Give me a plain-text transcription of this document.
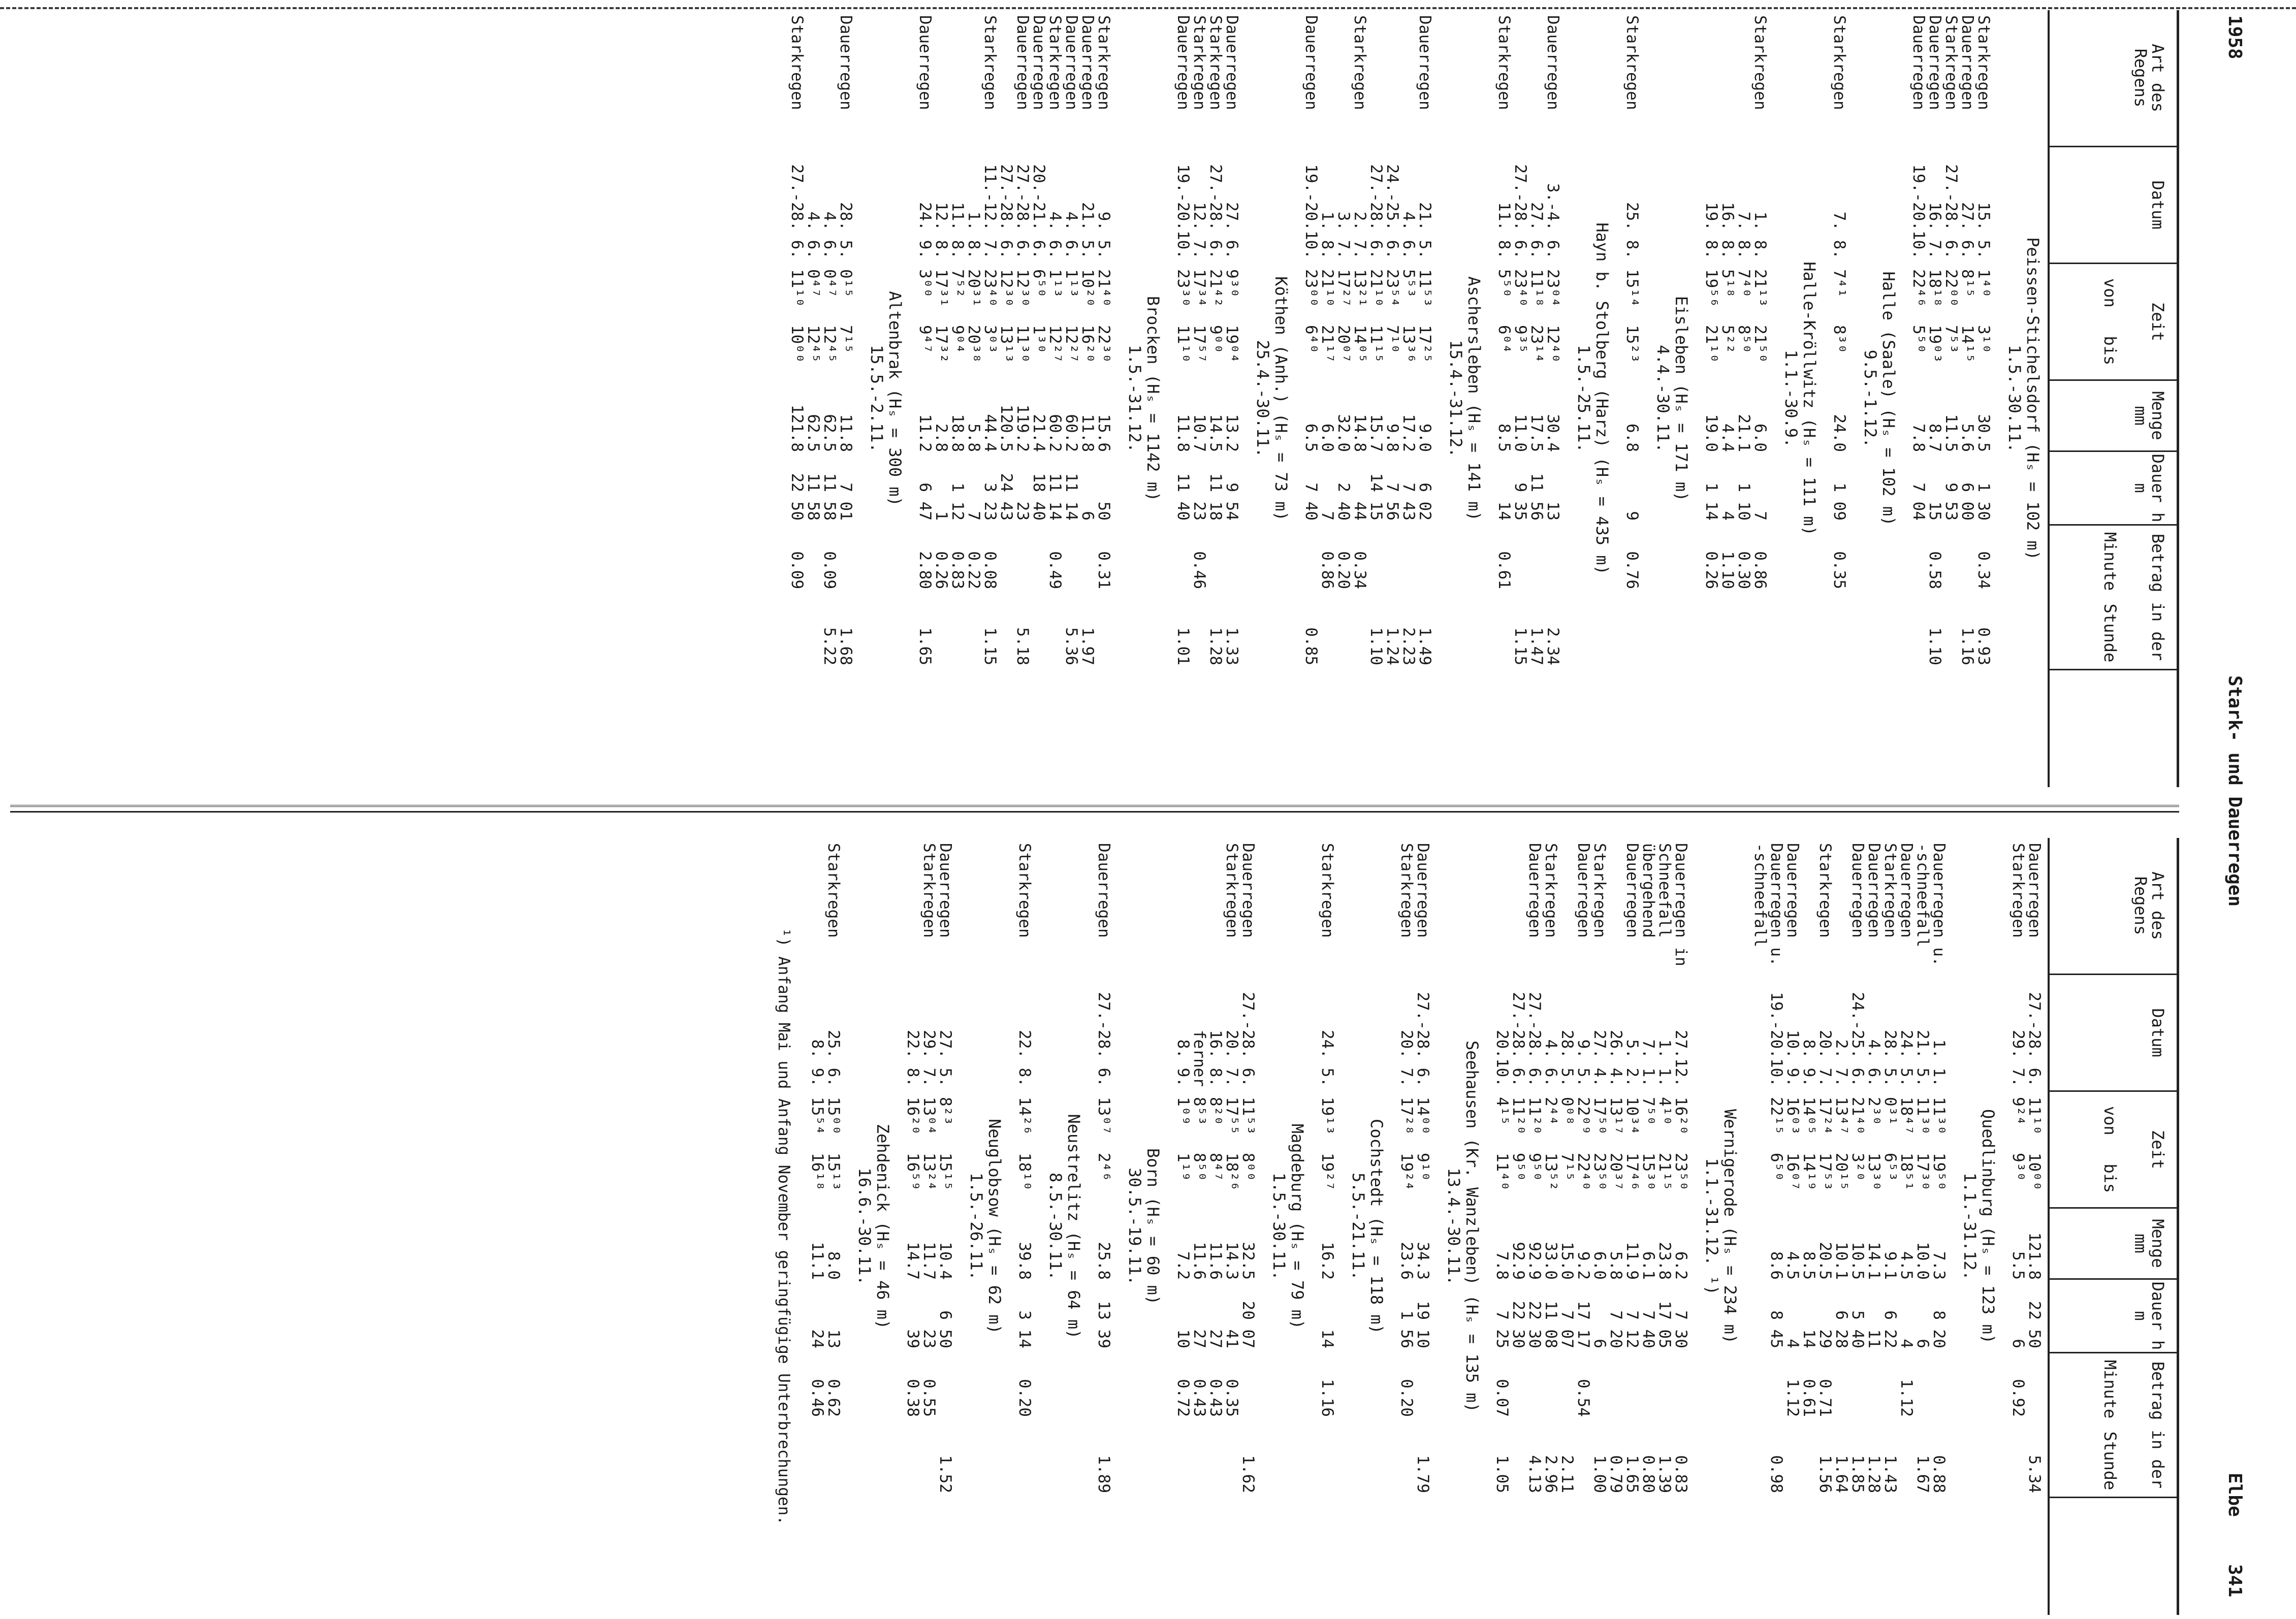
1958
Stark- und Dauerregen
Elbe
341
Art des Regens
Datum
Zeit
von
bis
Menge mm
Dauer h m
Betrag in der
Minute
Stunde
Peissen-Stichelsdorf (Hₛ = 102 m)
1.5.-30.11.
Starkregen
15. 5.
1⁴⁰
3¹⁰
30.5
1 30
0.34
0.93
Dauerregen
27. 6.
8¹⁵
14¹⁵
5.6
6 00
1.16
Starkregen
27.-28. 6.
22⁰⁰
7⁵³
11.5
9 53
Dauerregen
16. 7.
18¹⁸
19⁰³
8.7
15
0.58
1.10
Dauerregen
19.-20.10.
22⁴⁶
5⁵⁰
7.8
7 04
Halle (Saale) (Hₛ = 102 m)
9.5.-1.12.
Starkregen
7. 8.
7⁴¹
8³⁰
24.0
1 09
0.35
Halle-Kröllwitz (Hₛ = 111 m)
1.1.-30.9.
Starkregen
1. 8.
21¹³
21⁵⁰
6.0
7
0.86
7. 8.
7⁴⁰
8⁵⁰
21.1
1 10
0.30
16. 8.
5¹⁸
5²²
4.4
4
1.10
19. 8.
19⁵⁶
21¹⁰
19.0
1 14
0.26
Eisleben (Hₛ = 171 m)
4.4.-30.11.
Starkregen
25. 8.
15¹⁴
15²³
6.8
9
0.76
Hayn b. Stolberg (Harz) (Hₛ = 435 m)
1.5.-25.11.
Dauerregen
3.-4. 6.
23⁰⁴
12⁴⁰
30.4
13
2.34
27. 6.
11¹⁸
23¹⁴
17.5
11 56
1.47
27.-28. 6.
23⁴⁰
9³⁵
11.0
9 35
1.15
Starkregen
11. 8.
5⁵⁰
6⁰⁴
8.5
14
0.61
Aschersleben (Hₛ = 141 m)
15.4.-31.12.
Dauerregen
21. 5.
11⁵³
17²⁵
9.0
6 02
1.49
4. 6.
5⁵³
13³⁶
17.2
7 43
2.23
24.-25. 6.
23⁵⁴
7¹⁰
9.8
7 56
1.24
27.-28. 6.
21¹⁰
11¹⁵
15.7
14 15
1.10
Starkregen
2. 7.
13²¹
14⁰⁵
14.8
44
0.34
3. 7.
17²⁷
20⁰⁷
32.0
2 40
0.20
1. 8.
21¹⁰
21¹⁷
6.0
7
0.86
Dauerregen
19.-20.10.
23⁰⁰
6⁴⁰
6.5
7 40
0.85
Köthen (Anh.) (Hₛ = 73 m)
25.4.-30.11.
Dauerregen
27. 6.
9³⁰
19⁰⁴
13.2
9 54
1.33
Starkregen
27.-28. 6.
21⁴²
9⁰⁰
14.5
11 18
1.28
Starkregen
12. 7.
17³⁴
17⁵⁷
10.7
23
0.46
Dauerregen
19.-20.10.
23³⁰
11¹⁰
11.8
11 40
1.01
Brocken (Hₛ = 1142 m)
1.5.-31.12.
Starkregen
9. 5.
21⁴⁰
22³⁰
15.6
50
0.31
Dauerregen
21. 5.
10²⁰
16²⁰
11.8
6
1.97
Dauerregen
4. 6.
1¹³
12²⁷
60.2
11 14
5.36
Starkregen
4. 6.
1¹³
12²⁷
60.2
11 14
0.49
Dauerregen
20.-21. 6.
6⁵⁰
1³⁰
21.4
18 40
Dauerregen
27.-28. 6.
12³⁰
11³⁰
119.2
23
5.18
27.-28. 6.
12³⁰
13¹³
120.5
24 43
Starkregen
11.-12. 7.
23⁴⁰
3⁰³
44.4
3 23
0.08
1.15
1. 8.
20³¹
20³⁸
5.8
7
0.22
11. 8.
7⁵²
9⁰⁴
18.8
1 12
0.83
12. 8.
17³¹
17³²
2.8
1
0.26
Dauerregen
24. 9.
3⁰⁰
9⁴⁷
11.2
6 47
2.80
1.65
Altenbrak (Hₛ = 300 m)
15.5.-2.11.
Dauerregen
28. 5.
0¹⁵
7¹⁵
11.8
7 01
1.68
4. 6.
0⁴⁷
12⁴⁵
62.5
11 58
0.09
5.22
4. 6.
0⁴⁷
12⁴⁵
62.5
11 58
Starkregen
27.-28. 6.
11¹⁰
10⁰⁰
121.8
22 50
0.09
Art des Regens
Datum
Zeit
von
bis
Menge mm
Dauer h m
Betrag in der
Minute
Stunde
Dauerregen
27.-28. 6.
11¹⁰
10⁰⁰
121.8
22 50
5.34
Starkregen
29. 7.
9²⁴
9³⁰
5.5
6
0.92
Quedlinburg (Hₛ = 123 m)
1.1.-31.12.
Dauerregen u.
1. 1.
11³⁰
19⁵⁰
7.3
8 20
0.88
-schneefall
21. 5.
11³⁰
17³⁰
10.0
6
1.67
Dauerregen
24. 5.
18⁴⁷
18⁵¹
4.5
4
1.12
Starkregen
28. 5.
0³¹
6⁵³
9.1
6 22
1.43
Dauerregen
4. 6.
2³⁰
13³⁰
14.1
11
1.28
Dauerregen
24.-25. 6.
21⁴⁰
3²⁰
10.5
5 40
1.85
2. 7.
13⁴⁷
20¹⁵
10.1
6 28
1.64
Starkregen
20. 7.
17²⁴
17⁵³
20.5
29
0.71
1.56
8. 9.
14⁰⁵
14¹⁹
8.5
14
0.61
Dauerregen
10. 9.
16⁰³
16⁰⁷
4.5
4
1.12
Dauerregen u.
19.-20.10.
22¹⁵
6⁵⁰
8.6
8 45
0.98
-schneefall
Wernigerode (Hₛ = 234 m)
1.1.-31.12. ¹)
Dauerregen in
27.12.
16²⁰
23⁵⁰
6.2
7 30
0.83
Schneefall
1. 1.
4¹⁰
21¹⁵
23.8
17 05
1.39
übergehend
7. 1.
7⁵⁰
15³⁰
6.1
7 40
0.80
Dauerregen
5. 2.
10³⁴
17⁴⁶
11.9
7 12
1.65
26. 4.
13¹⁷
20³⁷
5.8
7 20
0.79
Starkregen
27. 4.
17⁵⁰
23⁵⁰
6.0
6
1.00
Dauerregen
9. 5.
22⁰⁹
22⁴⁰
9.2
17 17
0.54
28. 5.
0⁰⁸
7¹⁵
15.0
7 07
2.11
Starkregen
4. 6.
2⁴⁴
13⁵²
33.0
11 08
2.96
Dauerregen
27.-28. 6.
11²⁰
9⁵⁰
92.9
22 30
4.13
27.-28. 6.
11²⁰
9⁵⁰
92.9
22 30
20.10.
4¹⁵
11⁴⁰
7.8
7 25
0.07
1.05
Seehausen (Kr. Wanzleben) (Hₛ = 135 m)
13.4.-30.11.
Dauerregen
27.-28. 6.
14⁰⁰
9¹⁰
34.3
19 10
1.79
Starkregen
20. 7.
17²⁸
19²⁴
23.6
1 56
0.20
Cochstedt (Hₛ = 118 m)
5.5.-21.11.
Starkregen
24. 5.
19¹³
19²⁷
16.2
14
1.16
Magdeburg (Hₛ = 79 m)
1.5.-30.11.
Dauerregen
27.-28. 6.
11⁵³
8⁰⁰
32.5
20 07
1.62
Starkregen
20. 7.
17⁵⁵
18²⁶
14.3
41
0.35
16. 8.
8²⁰
8⁴⁷
11.6
27
0.43
ferner
8⁵³
8⁵⁰
11.6
27
0.43
8. 9.
1⁰⁹
1¹⁹
7.2
10
0.72
Born (Hₛ = 60 m)
30.5.-19.11.
Dauerregen
27.-28. 6.
13⁰⁷
2⁴⁶
25.8
13 39
1.89
Neustrelitz (Hₛ = 64 m)
8.5.-30.11.
Starkregen
22. 8.
14²⁶
18¹⁰
39.8
3 14
0.20
Neuglobsow (Hₛ = 62 m)
1.5.-26.11.
Dauerregen
27. 5.
8²³
15¹⁵
10.4
6 50
1.52
Starkregen
29. 7.
13⁰⁴
13²⁴
11.7
23
0.55
22. 8.
16²⁰
16⁵⁹
14.7
39
0.38
Zehdenick (Hₛ = 46 m)
16.6.-30.11.
Starkregen
25. 6.
15⁰⁰
15¹³
8.0
13
0.62
8. 9.
15⁵⁴
16¹⁸
11.1
24
0.46
¹) Anfang Mai und Anfang November geringfügige Unterbrechungen.
